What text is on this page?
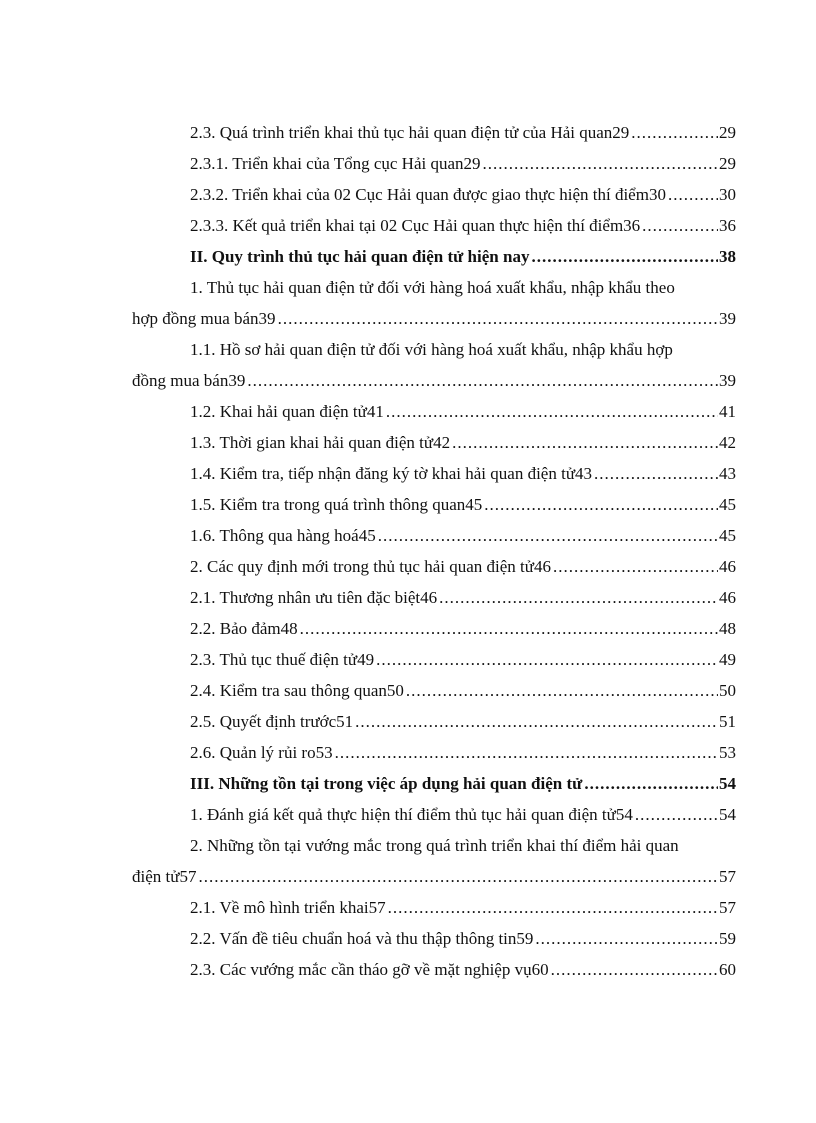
2.3. Quá trình triển khai thủ tục hải quan điện tử của Hải quan29 .....	29
2.3.1. Triển khai của Tổng cục Hải quan29 .....	29
2.3.2. Triển khai của 02 Cục Hải quan được giao thực hiện thí điểm30 .....	30
2.3.3. Kết quả triển khai tại 02 Cục Hải quan thực hiện thí điểm36 .....	36
II. Quy trình thủ tục hải quan điện tử hiện nay .....	38
1. Thủ tục hải quan điện tử đối với hàng hoá xuất khẩu, nhập khẩu theo
hợp đồng mua bán39 .....	39
1.1. Hồ sơ hải quan điện tử đối với hàng hoá xuất khẩu, nhập khẩu hợp
đồng mua bán39 .....	39
1.2. Khai hải quan điện tử41 .....	41
1.3. Thời gian khai hải quan điện tử42 .....	42
1.4. Kiểm tra, tiếp nhận đăng ký tờ khai hải quan điện tử43 .....	43
1.5. Kiểm tra trong quá trình thông quan45 .....	45
1.6. Thông qua hàng hoá45 .....	45
2. Các quy định mới trong thủ tục hải quan điện tử46 .....	46
2.1. Thương nhân ưu tiên đặc biệt46 .....	46
2.2. Bảo đảm48 .....	48
2.3. Thủ tục thuế điện tử49 .....	49
2.4. Kiểm tra sau thông quan50 .....	50
2.5. Quyết định trước51 .....	51
2.6. Quản lý rủi ro53 .....	53
III. Những tồn tại trong việc áp dụng hải quan điện tử .....	54
1. Đánh giá kết quả thực hiện thí điểm thủ tục hải quan điện tử54 .....	54
2. Những tồn tại vướng mắc trong quá trình triển khai thí điểm hải quan
điện tử57 .....	57
2.1. Về mô hình triển khai57 .....	57
2.2. Vấn đề tiêu chuẩn hoá và thu thập thông tin59 .....	59
2.3. Các vướng mắc cần tháo gỡ về mặt nghiệp vụ60 .....	60
